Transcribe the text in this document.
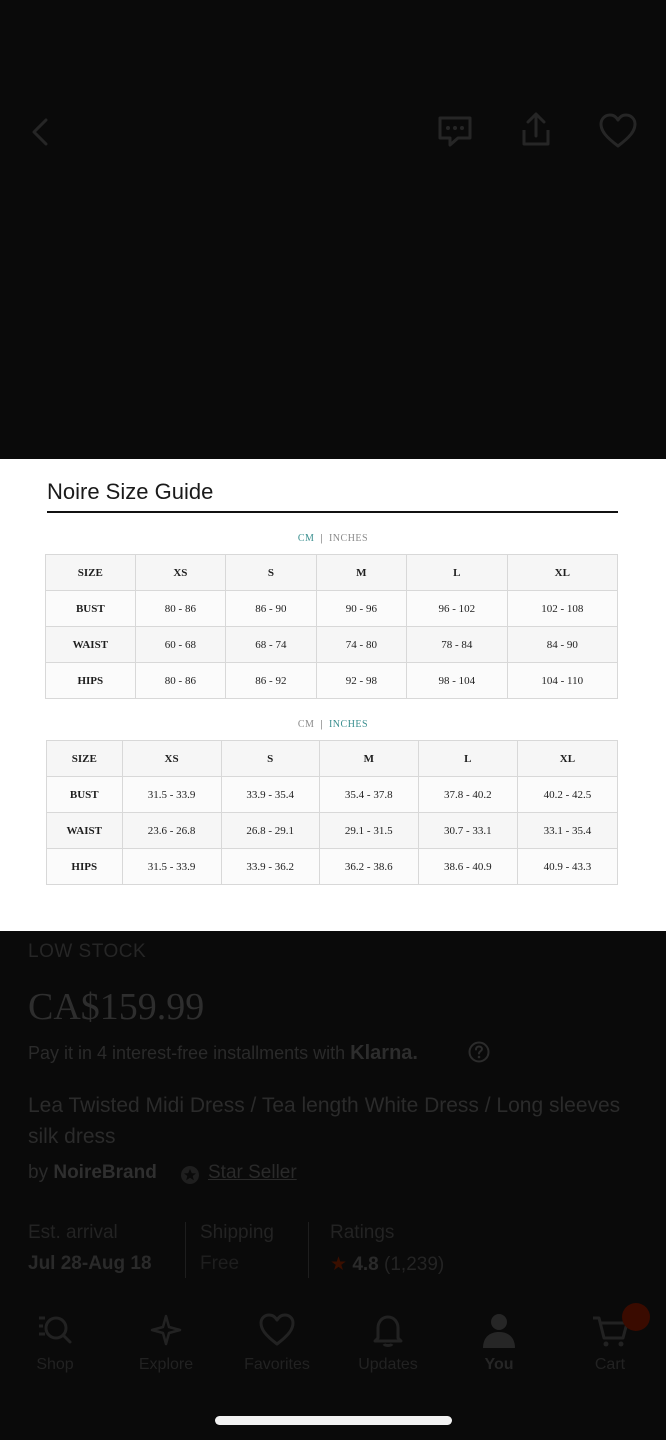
Noire Size Guide
CM | INCHES
SIZE	XS	S	M	L	XL
BUST	80 - 86	86 - 90	90 - 96	96 - 102	102 - 108
WAIST	60 - 68	68 - 74	74 - 80	78 - 84	84 - 90
HIPS	80 - 86	86 - 92	92 - 98	98 - 104	104 - 110
CM | INCHES
SIZE	XS	S	M	L	XL
BUST	31.5 - 33.9	33.9 - 35.4	35.4 - 37.8	37.8 - 40.2	40.2 - 42.5
WAIST	23.6 - 26.8	26.8 - 29.1	29.1 - 31.5	30.7 - 33.1	33.1 - 35.4
HIPS	31.5 - 33.9	33.9 - 36.2	36.2 - 38.6	38.6 - 40.9	40.9 - 43.3
LOW STOCK
CA$159.99
Pay it in 4 interest-free installments with Klarna.
Lea Twisted Midi Dress / Tea length White Dress / Long sleeves silk dress
by NoireBrand	Star Seller
Est. arrival
Jul 28-Aug 18
Shipping
Free
Ratings
★ 4.8 (1,239)
Shop	Explore	Favorites	Updates	You	Cart
